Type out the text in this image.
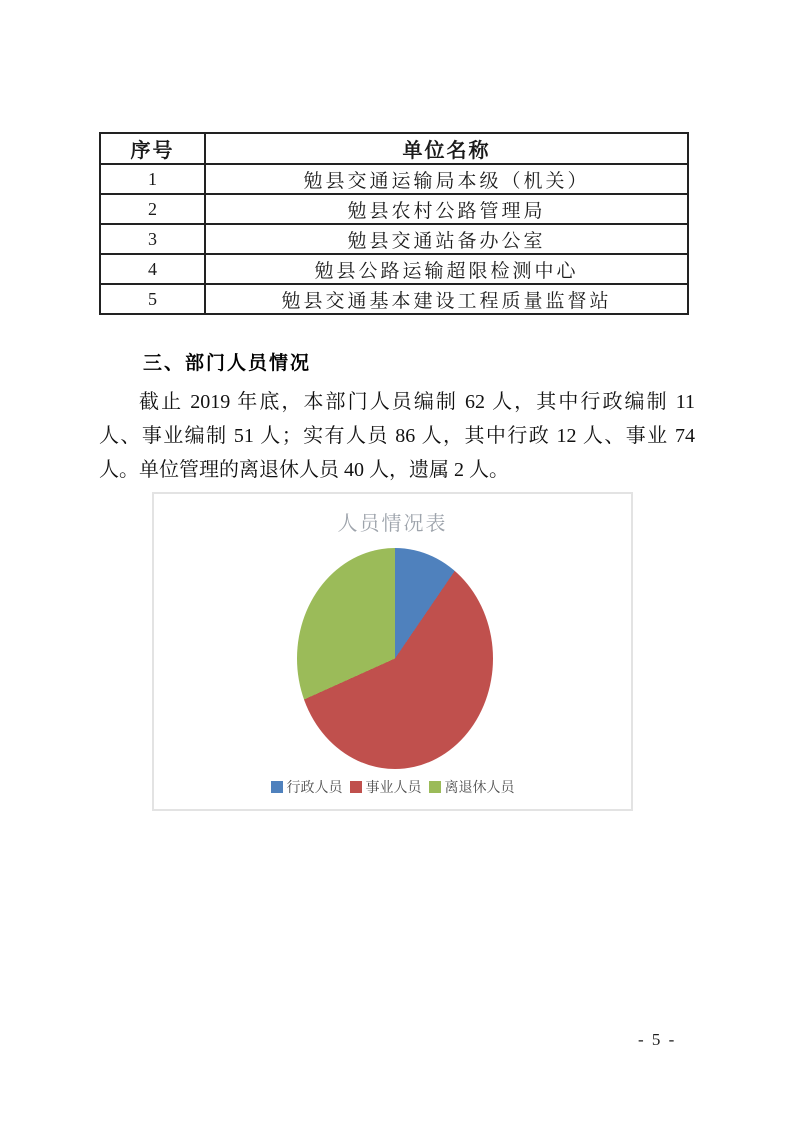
序号	单位名称
1	勉县交通运输局本级（机关）
2	勉县农村公路管理局
3	勉县交通站备办公室
4	勉县公路运输超限检测中心
5	勉县交通基本建设工程质量监督站
三、部门人员情况
截止 2019 年底，本部门人员编制 62 人，其中行政编制 11
人、事业编制 51 人；实有人员 86 人，其中行政 12 人、事业 74
人。单位管理的离退休人员 40 人，遗属 2 人。
人员情况表
行政人员 事业人员 离退休人员
- 5 -
